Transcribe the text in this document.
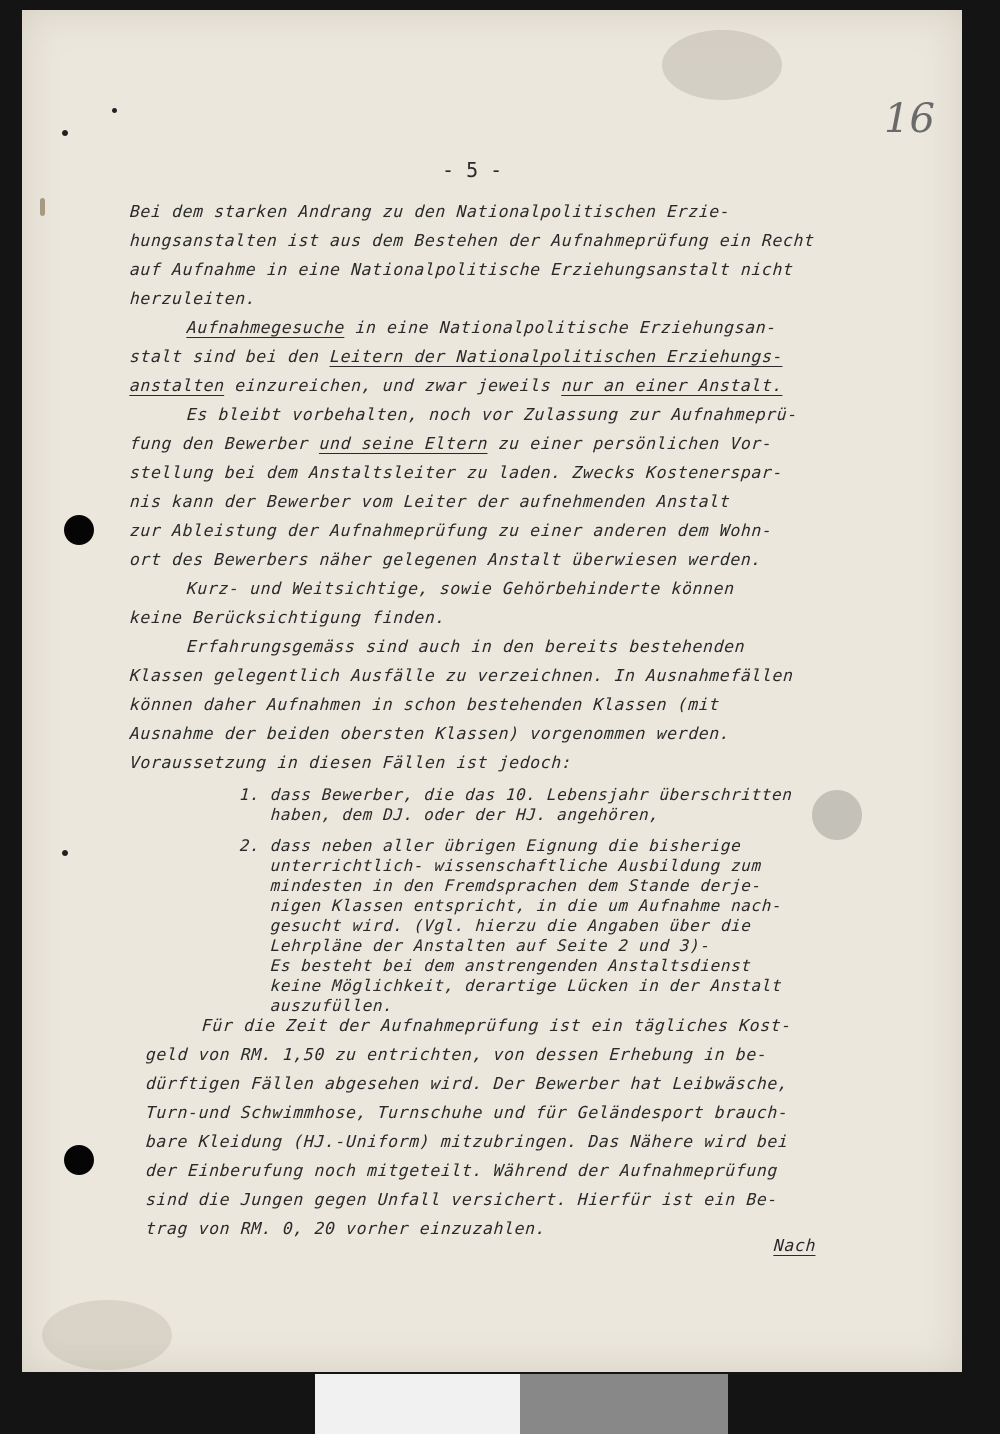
16
- 5 -
Bei dem starken Andrang zu den Nationalpolitischen Erzie-
hungsanstalten ist aus dem Bestehen der Aufnahmeprüfung ein Recht
auf Aufnahme in eine Nationalpolitische Erziehungsanstalt nicht
herzuleiten.
Aufnahmegesuche in eine Nationalpolitische Erziehungsan-
stalt sind bei den Leitern der Nationalpolitischen Erziehungs-
anstalten einzureichen, und zwar jeweils nur an einer Anstalt.
Es bleibt vorbehalten, noch vor Zulassung zur Aufnahmeprü-
fung den Bewerber und seine Eltern zu einer persönlichen Vor-
stellung bei dem Anstaltsleiter zu laden. Zwecks Kostenerspar-
nis kann der Bewerber vom Leiter der aufnehmenden Anstalt
zur Ableistung der Aufnahmeprüfung zu einer anderen dem Wohn-
ort des Bewerbers näher gelegenen Anstalt überwiesen werden.
Kurz- und Weitsichtige, sowie Gehörbehinderte können
keine Berücksichtigung finden.
Erfahrungsgemäss sind auch in den bereits bestehenden
Klassen gelegentlich Ausfälle zu verzeichnen. In Ausnahmefällen
können daher Aufnahmen in schon bestehenden Klassen (mit
Ausnahme der beiden obersten Klassen) vorgenommen werden.
Voraussetzung in diesen Fällen ist jedoch:
1. dass Bewerber, die das 10. Lebensjahr überschritten
haben, dem DJ. oder der HJ. angehören,
2. dass neben aller übrigen Eignung die bisherige
unterrichtlich- wissenschaftliche Ausbildung zum
mindesten in den Fremdsprachen dem Stande derje-
nigen Klassen entspricht, in die um Aufnahme nach-
gesucht wird. (Vgl. hierzu die Angaben über die
Lehrpläne der Anstalten auf Seite 2 und 3)-
Es besteht bei dem anstrengenden Anstaltsdienst
keine Möglichkeit, derartige Lücken in der Anstalt
auszufüllen.
Für die Zeit der Aufnahmeprüfung ist ein tägliches Kost-
geld von RM. 1,50 zu entrichten, von dessen Erhebung in be-
dürftigen Fällen abgesehen wird. Der Bewerber hat Leibwäsche,
Turn-und Schwimmhose, Turnschuhe und für Geländesport brauch-
bare Kleidung (HJ.-Uniform) mitzubringen. Das Nähere wird bei
der Einberufung noch mitgeteilt. Während der Aufnahmeprüfung
sind die Jungen gegen Unfall versichert. Hierfür ist ein Be-
trag von RM. 0, 20 vorher einzuzahlen.
Nach
